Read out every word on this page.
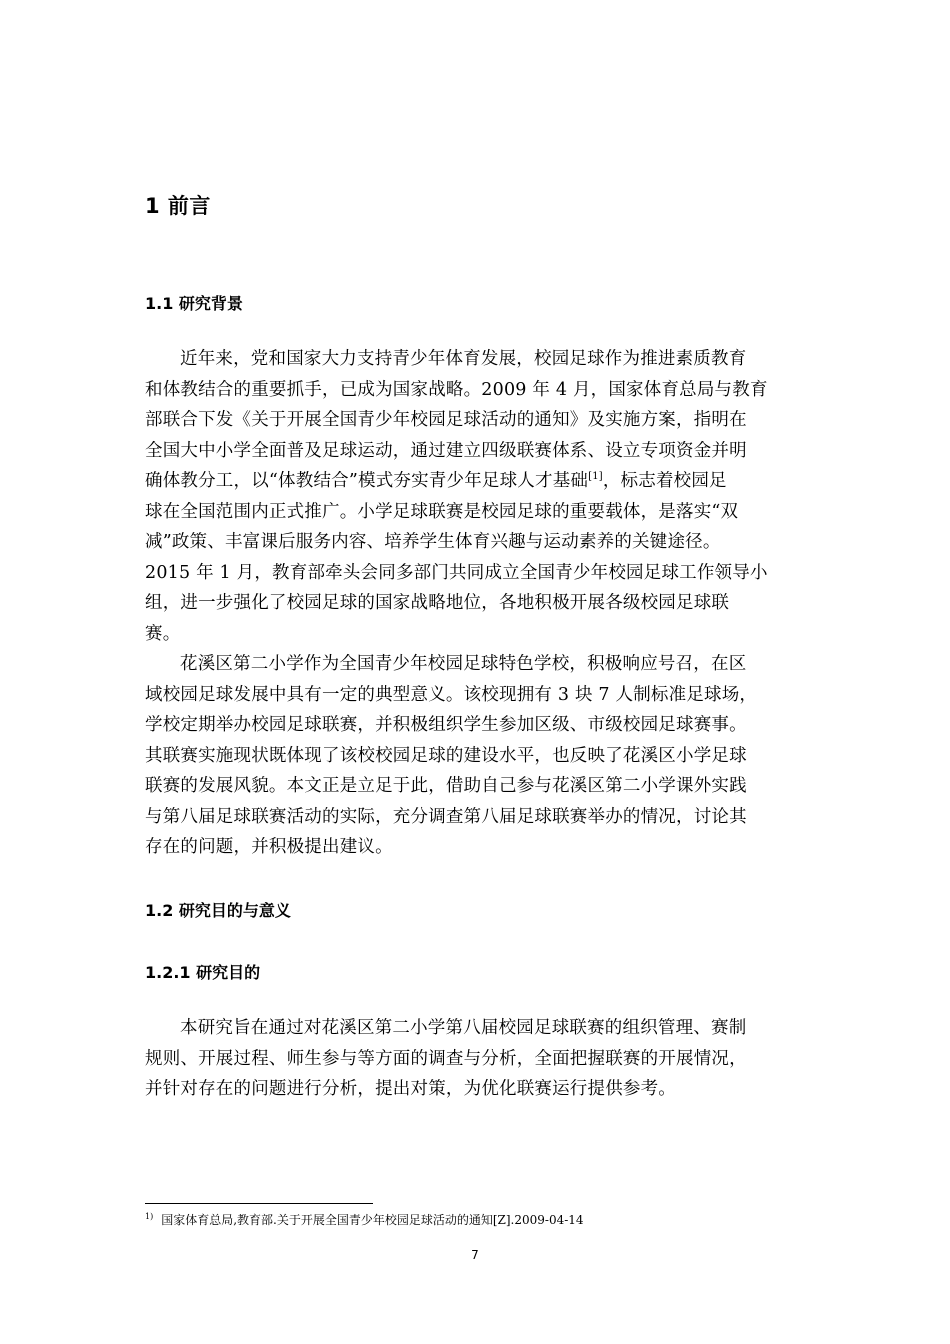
1 前言
1.1 研究背景
近年来，党和国家大力支持青少年体育发展，校园足球作为推进素质教育
和体教结合的重要抓手，已成为国家战略。2009 年 4 月，国家体育总局与教育
部联合下发《关于开展全国青少年校园足球活动的通知》及实施方案，指明在
全国大中小学全面普及足球运动，通过建立四级联赛体系、设立专项资金并明
确体教分工，以“体教结合”模式夯实青少年足球人才基础[1]，标志着校园足
球在全国范围内正式推广。小学足球联赛是校园足球的重要载体，是落实“双
减”政策、丰富课后服务内容、培养学生体育兴趣与运动素养的关键途径。
2015 年 1 月，教育部牵头会同多部门共同成立全国青少年校园足球工作领导小
组，进一步强化了校园足球的国家战略地位，各地积极开展各级校园足球联
赛。
花溪区第二小学作为全国青少年校园足球特色学校，积极响应号召，在区
域校园足球发展中具有一定的典型意义。该校现拥有 3 块 7 人制标准足球场，
学校定期举办校园足球联赛，并积极组织学生参加区级、市级校园足球赛事。
其联赛实施现状既体现了该校校园足球的建设水平，也反映了花溪区小学足球
联赛的发展风貌。本文正是立足于此，借助自己参与花溪区第二小学课外实践
与第八届足球联赛活动的实际，充分调查第八届足球联赛举办的情况，讨论其
存在的问题，并积极提出建议。
1.2 研究目的与意义
1.2.1 研究目的
本研究旨在通过对花溪区第二小学第八届校园足球联赛的组织管理、赛制
规则、开展过程、师生参与等方面的调查与分析，全面把握联赛的开展情况，
并针对存在的问题进行分析，提出对策，为优化联赛运行提供参考。
$^{1)}$ 国家体育总局,教育部.关于开展全国青少年校园足球活动的通知[Z].2009-04-14
7
